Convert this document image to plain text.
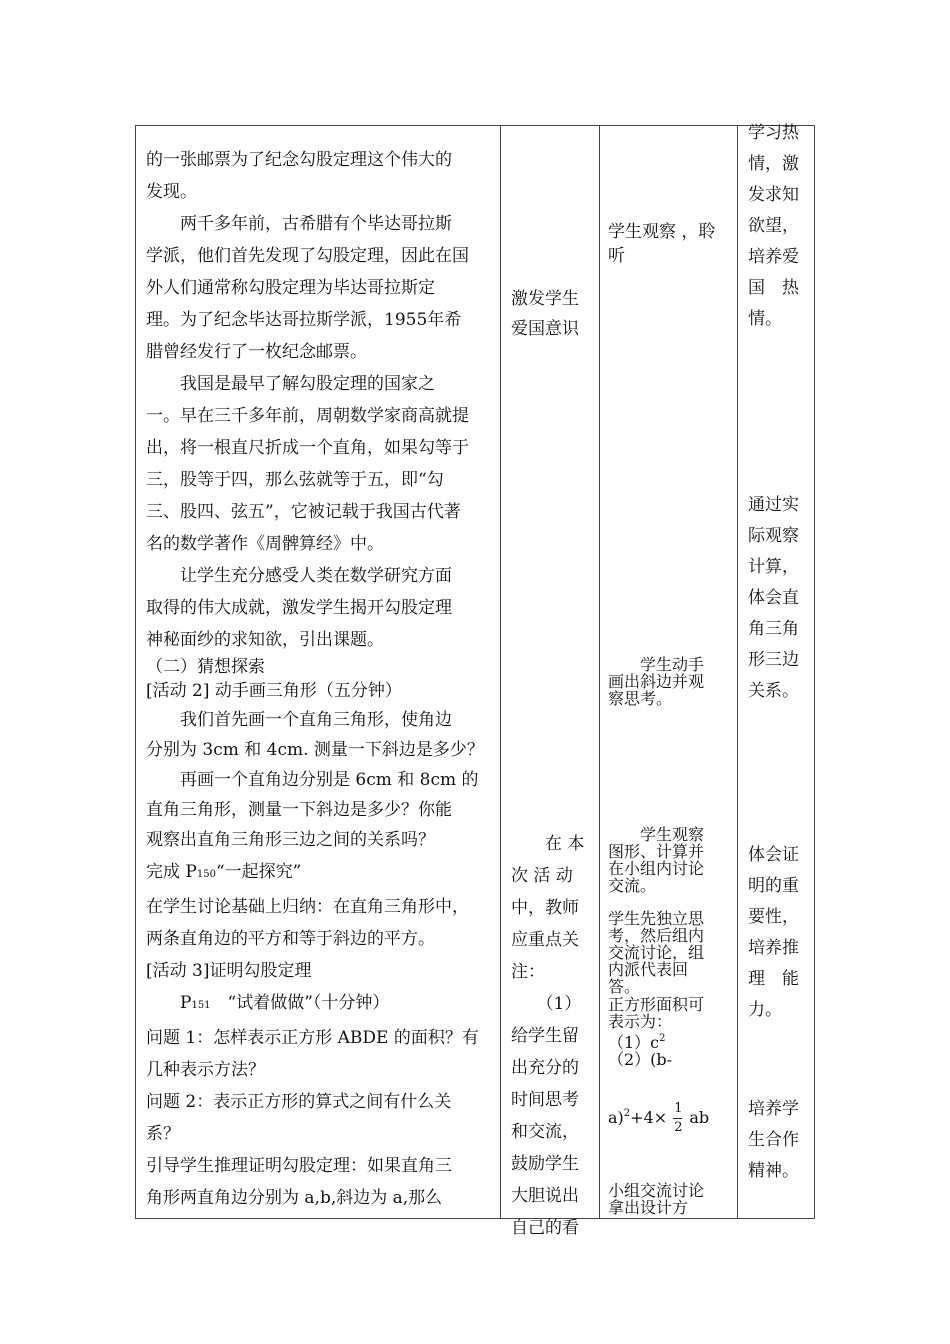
的一张邮票为了纪念勾股定理这个伟大的
发现。
　　两千多年前，古希腊有个毕达哥拉斯
学派，他们首先发现了勾股定理，因此在国
外人们通常称勾股定理为毕达哥拉斯定
理。为了纪念毕达哥拉斯学派，1955年希
腊曾经发行了一枚纪念邮票。
　　我国是最早了解勾股定理的国家之
一。早在三千多年前，周朝数学家商高就提
出，将一根直尺折成一个直角，如果勾等于
三，股等于四，那么弦就等于五，即“勾
三、股四、弦五”，它被记载于我国古代著
名的数学著作《周髀算经》中。
　　让学生充分感受人类在数学研究方面
取得的伟大成就，激发学生揭开勾股定理
神秘面纱的求知欲，引出课题。
（二）猜想探索
[活动 2] 动手画三角形（五分钟）
　　我们首先画一个直角三角形，使角边
分别为 3cm 和 4cm. 测量一下斜边是多少？
　　再画一个直角边分别是 6cm 和 8cm 的
直角三角形，测量一下斜边是多少？你能
观察出直角三角形三边之间的关系吗？
完成 P150“一起探究”
在学生讨论基础上归纳：在直角三角形中，
两条直角边的平方和等于斜边的平方。
[活动 3]证明勾股定理
　　P151　“试着做做”（十分钟）
问题 1：怎样表示正方形 ABDE 的面积？有
几种表示方法？
问题 2：表示正方形的算式之间有什么关
系？
引导学生推理证明勾股定理：如果直角三
角形两直角边分别为 a,b,斜边为 a,那么
激发学生
爱国意识
　　在 本
次 活 动
中，教师
应重点关
注：
　　（1）
给学生留
出充分的
时间思考
和交流，
鼓励学生
大胆说出
自己的看
学生观察 ，聆听
　　学生动手
画出斜边并观
察思考。
　　学生观察
图形、计算并
在小组内讨论
交流。
学生先独立思
考，然后组内
交流讨论，组
内派代表回
答。
正方形面积可
表示为：
$(1)c^2$
（2）(b-
$a)^2+4\times \frac{1}{2}$ ab
小组交流讨论
拿出设计方
学习热情，激发求知欲望，培养爱国　热情。
通过实际观察计算，体会直角三角形三边关系。
体会证明的重要性，培养推理　能力。
培养学生合作精神。
